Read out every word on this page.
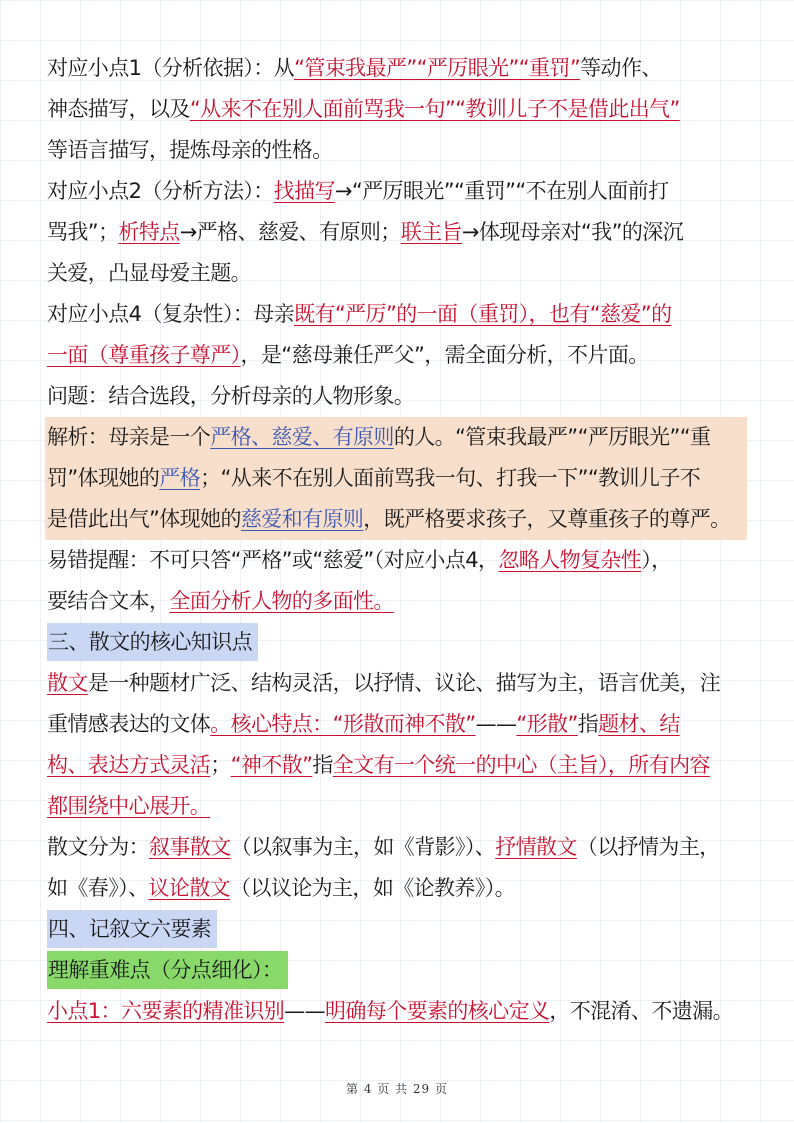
对应小点1（分析依据）：从“管束我最严”“严厉眼光”“重罚”等动作、
神态描写，以及“从来不在别人面前骂我一句”“教训儿子不是借此出气”
等语言描写，提炼母亲的性格。
对应小点2（分析方法）：找描写→“严厉眼光”“重罚”“不在别人面前打
骂我”；析特点→严格、慈爱、有原则；联主旨→体现母亲对“我”的深沉
关爱，凸显母爱主题。
对应小点4（复杂性）：母亲既有“严厉”的一面（重罚），也有“慈爱”的
一面（尊重孩子尊严），是“慈母兼任严父”，需全面分析，不片面。
问题：结合选段，分析母亲的人物形象。
解析：母亲是一个严格、慈爱、有原则的人。“管束我最严”“严厉眼光”“重
罚”体现她的严格；“从来不在别人面前骂我一句、打我一下”“教训儿子不
是借此出气”体现她的慈爱和有原则，既严格要求孩子，又尊重孩子的尊严。
易错提醒：不可只答“严格”或“慈爱”（对应小点4，忽略人物复杂性），
要结合文本，全面分析人物的多面性。
三、散文的核心知识点
散文是一种题材广泛、结构灵活，以抒情、议论、描写为主，语言优美，注
重情感表达的文体。核心特点：“形散而神不散”——“形散”指题材、结
构、表达方式灵活；“神不散”指全文有一个统一的中心（主旨），所有内容
都围绕中心展开。
散文分为：叙事散文（以叙事为主，如《背影》）、抒情散文（以抒情为主，
如《春》）、议论散文（以议论为主，如《论教养》）。
四、记叙文六要素
理解重难点（分点细化）：
小点1：六要素的精准识别——明确每个要素的核心定义，不混淆、不遗漏。
第 4 页 共 29 页
